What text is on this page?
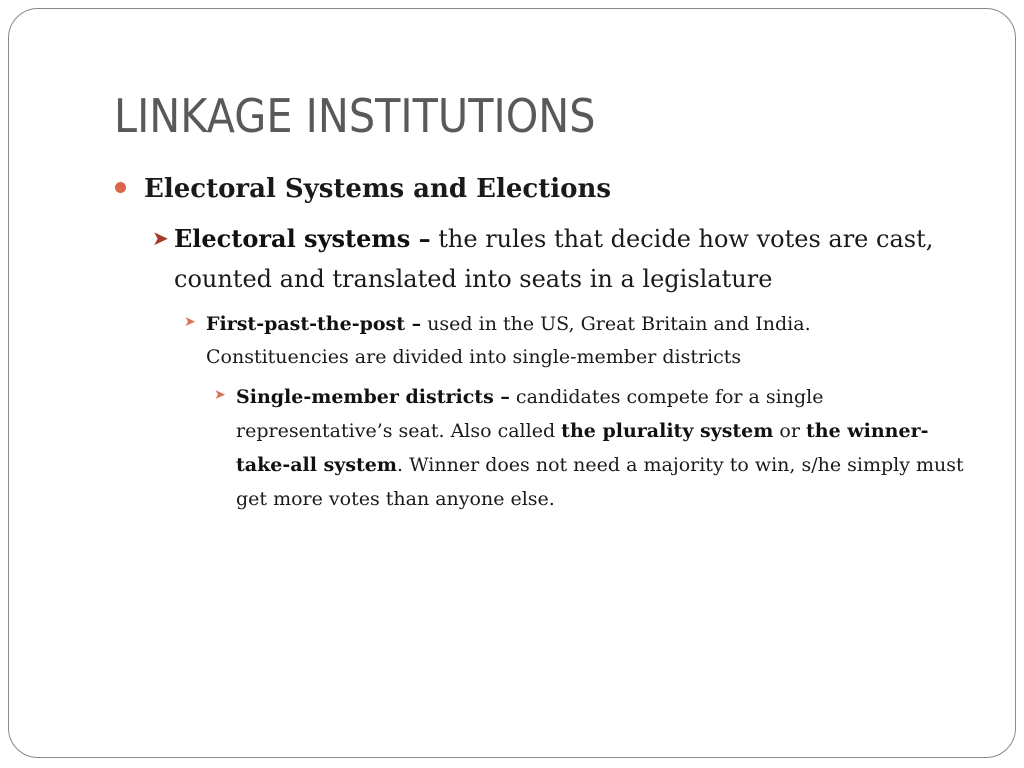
LINKAGE INSTITUTIONS
Electoral Systems and Elections
➤ Electoral systems – the rules that decide how votes are cast, counted and translated into seats in a legislature
➤ First-past-the-post – used in the US, Great Britain and India. Constituencies are divided into single-member districts
➤ Single-member districts – candidates compete for a single representative’s seat. Also called the plurality system or the winner-take-all system. Winner does not need a majority to win, s/he simply must get more votes than anyone else.
